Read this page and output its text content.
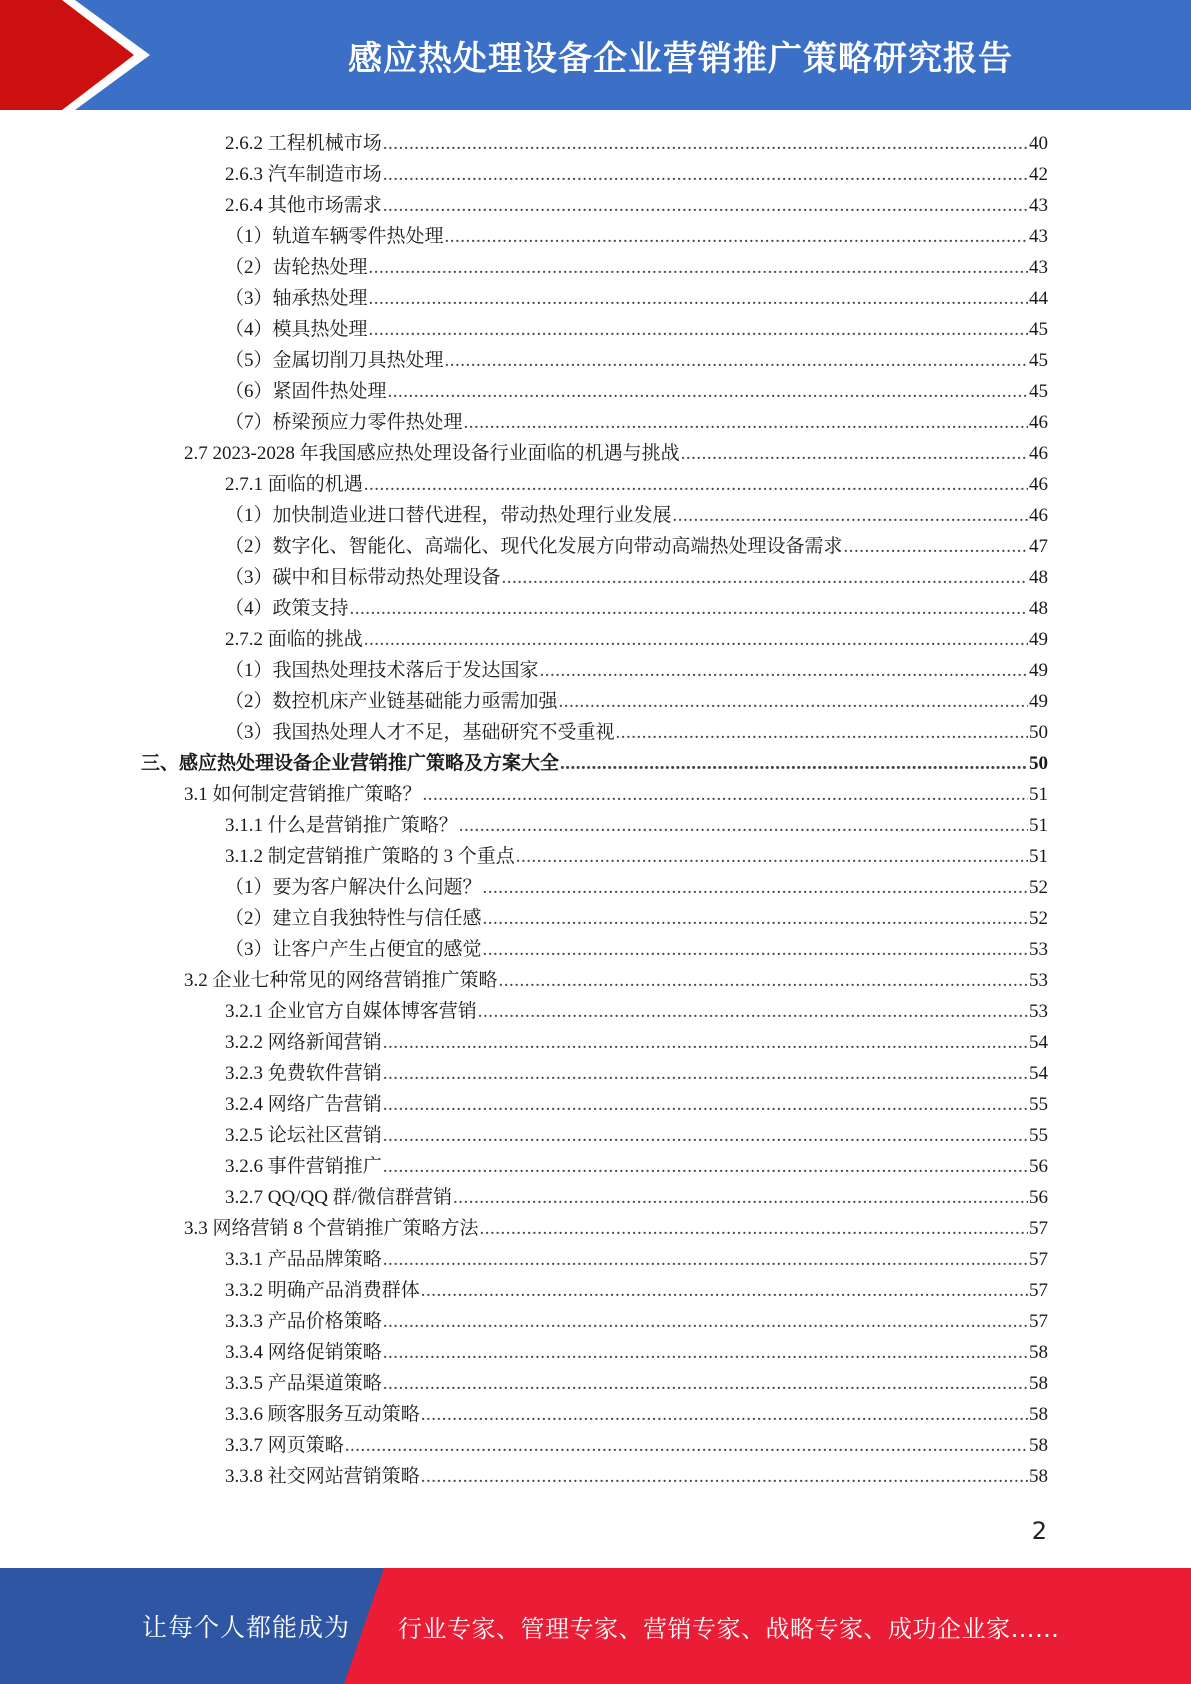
感应热处理设备企业营销推广策略研究报告
2.6.2 工程机械市场 .....	40
2.6.3 汽车制造市场 .....	42
2.6.4 其他市场需求 .....	43
（1）轨道车辆零件热处理 .....	43
（2）齿轮热处理 .....	43
（3）轴承热处理 .....	44
（4）模具热处理 .....	45
（5）金属切削刀具热处理 .....	45
（6）紧固件热处理 .....	45
（7）桥梁预应力零件热处理 .....	46
2.7 2023-2028 年我国感应热处理设备行业面临的机遇与挑战 .....	46
2.7.1 面临的机遇 .....	46
（1）加快制造业进口替代进程，带动热处理行业发展 .....	46
（2）数字化、智能化、高端化、现代化发展方向带动高端热处理设备需求 .....	47
（3）碳中和目标带动热处理设备 .....	48
（4）政策支持 .....	48
2.7.2 面临的挑战 .....	49
（1）我国热处理技术落后于发达国家 .....	49
（2）数控机床产业链基础能力亟需加强 .....	49
（3）我国热处理人才不足，基础研究不受重视 .....	50
三、感应热处理设备企业营销推广策略及方案大全 .....	50
3.1 如何制定营销推广策略？ .....	51
3.1.1 什么是营销推广策略？ .....	51
3.1.2 制定营销推广策略的 3 个重点 .....	51
（1）要为客户解决什么问题？ .....	52
（2）建立自我独特性与信任感 .....	52
（3）让客户产生占便宜的感觉 .....	53
3.2 企业七种常见的网络营销推广策略 .....	53
3.2.1 企业官方自媒体博客营销 .....	53
3.2.2 网络新闻营销 .....	54
3.2.3 免费软件营销 .....	54
3.2.4 网络广告营销 .....	55
3.2.5 论坛社区营销 .....	55
3.2.6 事件营销推广 .....	56
3.2.7 QQ/QQ 群/微信群营销 .....	56
3.3 网络营销 8 个营销推广策略方法 .....	57
3.3.1 产品品牌策略 .....	57
3.3.2 明确产品消费群体 .....	57
3.3.3 产品价格策略 .....	57
3.3.4 网络促销策略 .....	58
3.3.5 产品渠道策略 .....	58
3.3.6 顾客服务互动策略 .....	58
3.3.7 网页策略 .....	58
3.3.8 社交网站营销策略 .....	58
2
让每个人都能成为 行业专家、管理专家、营销专家、战略专家、成功企业家……
